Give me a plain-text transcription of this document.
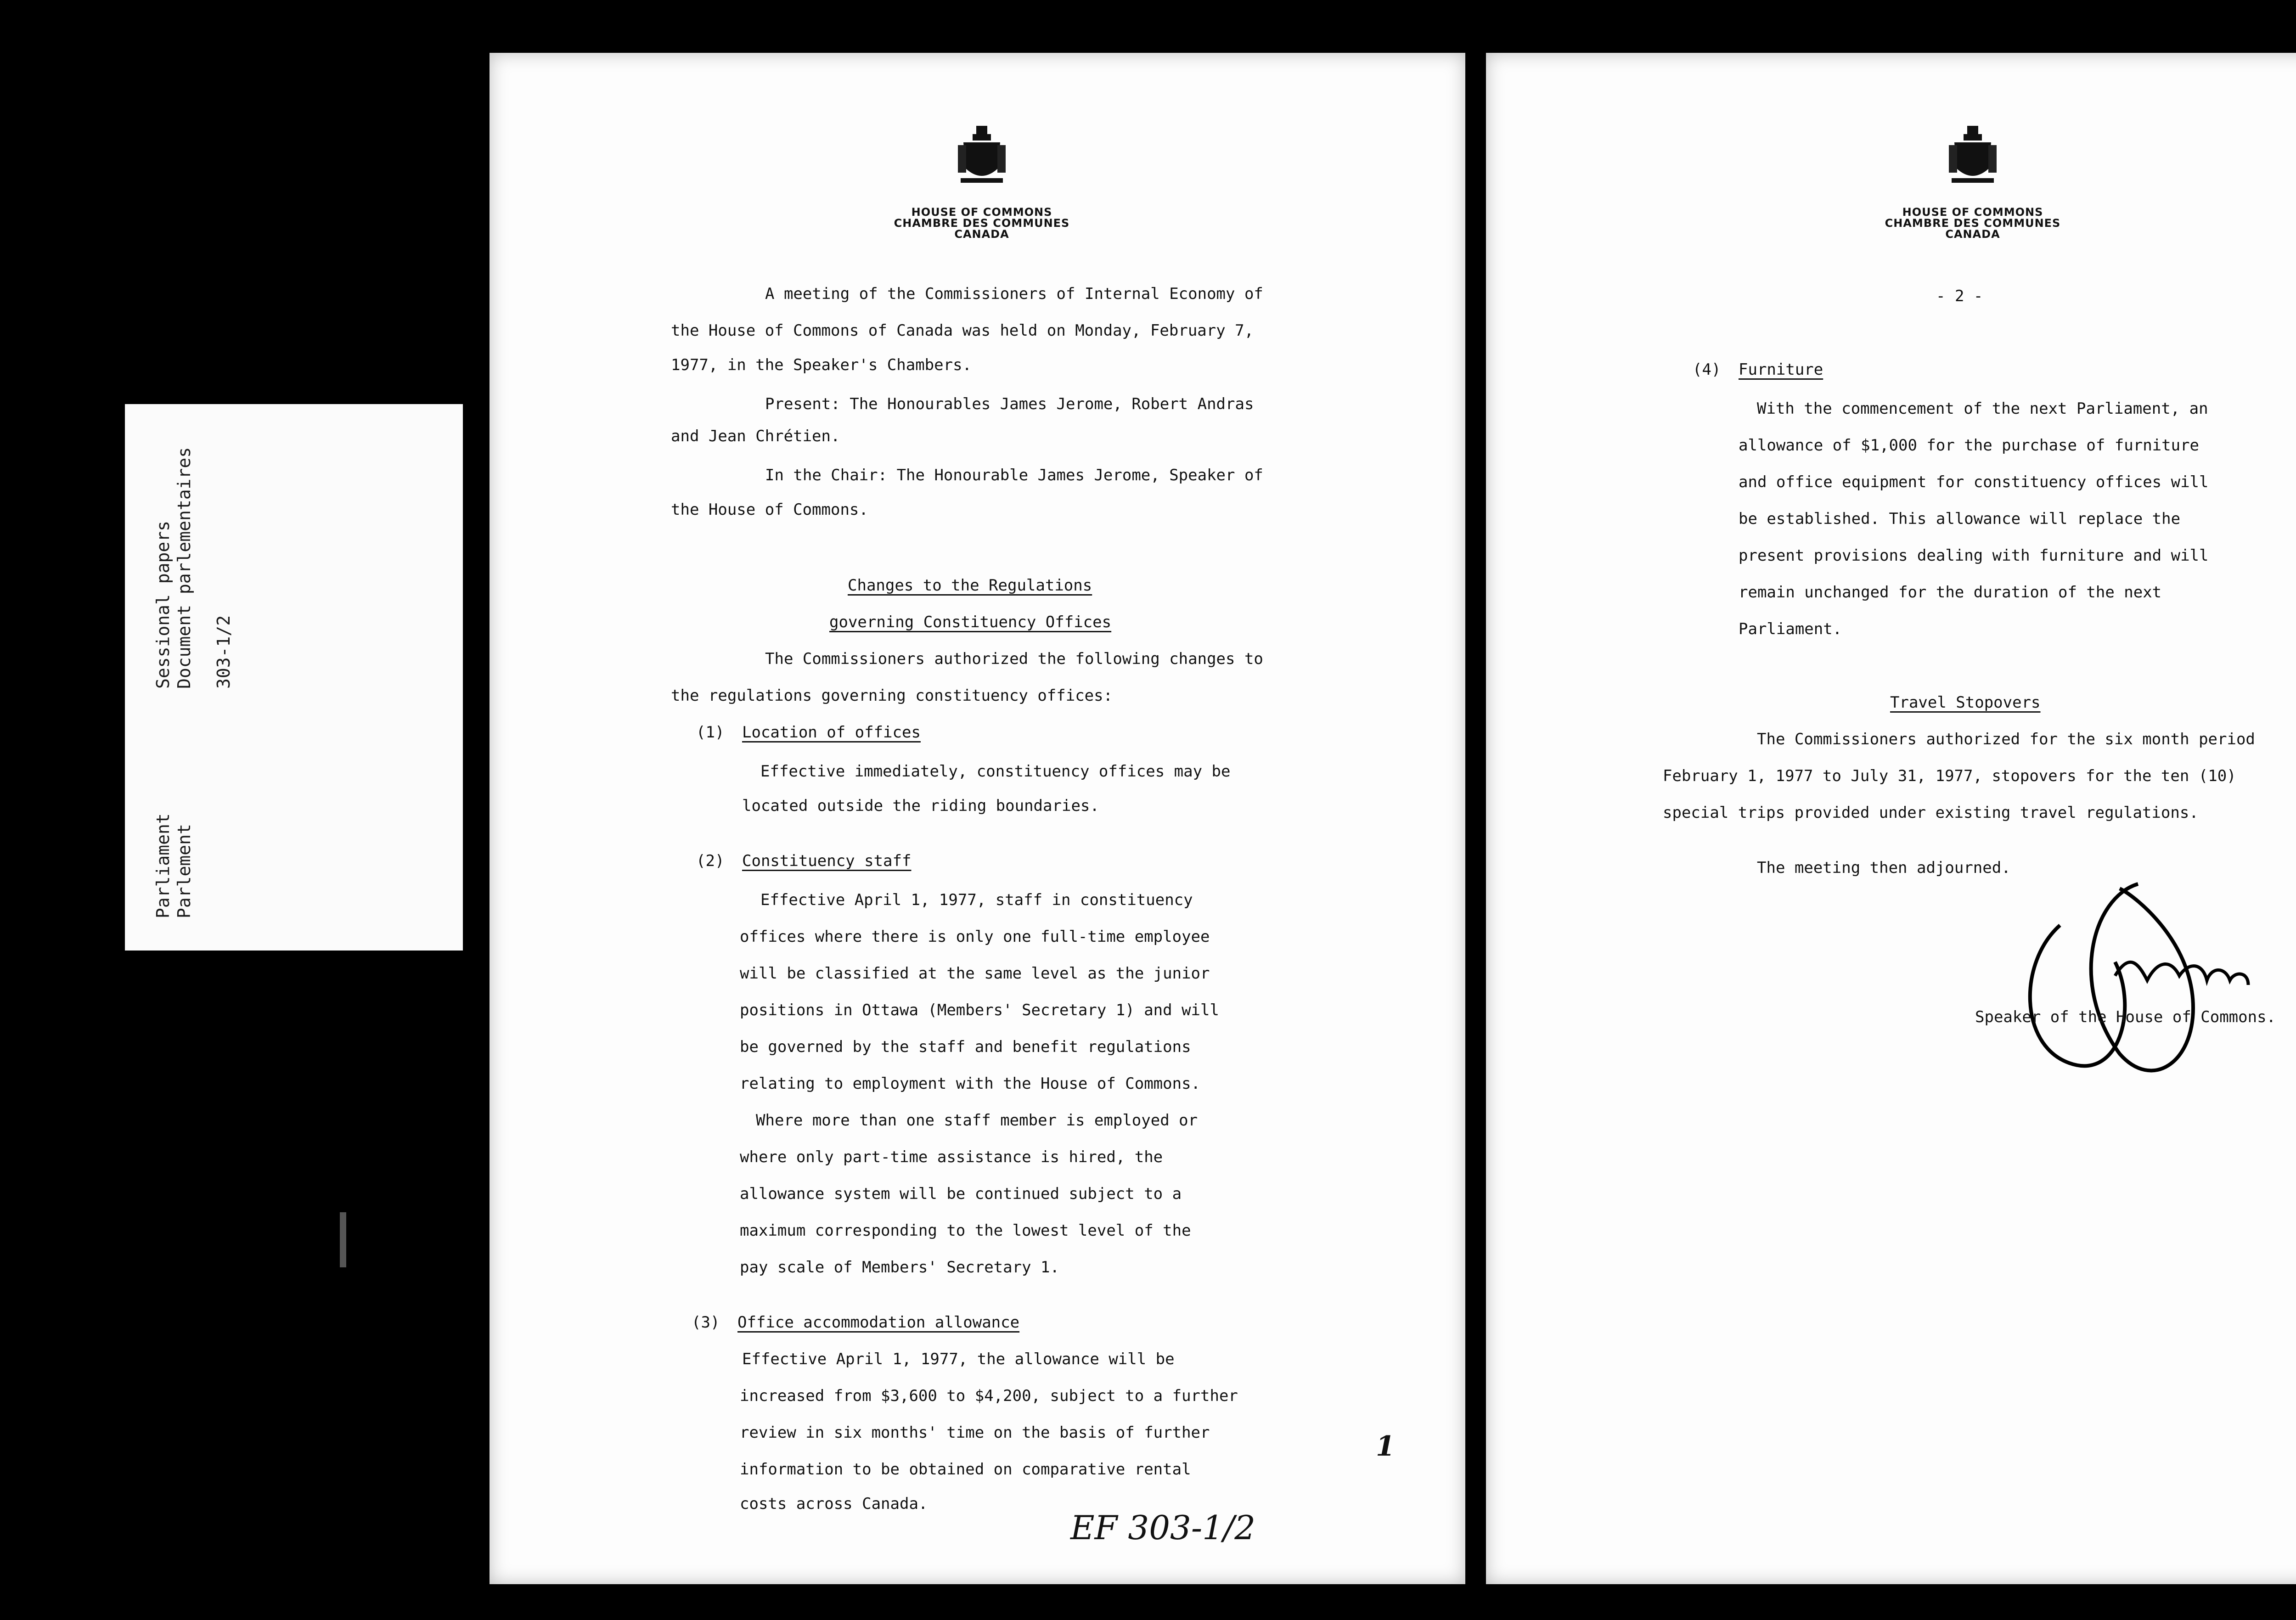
Parliament Parlement
Sessional papers Document parlementaires 303-1/2
HOUSE OF COMMONS
CHAMBRE DES COMMUNES
CANADA
A meeting of the Commissioners of Internal Economy of
the House of Commons of Canada was held on Monday, February 7,
1977, in the Speaker's Chambers.
Present: The Honourables James Jerome, Robert Andras
and Jean Chrétien.
In the Chair: The Honourable James Jerome, Speaker of
the House of Commons.
Changes to the Regulations
governing Constituency Offices
The Commissioners authorized the following changes to
the regulations governing constituency offices:
(1) Location of offices
Effective immediately, constituency offices may be
located outside the riding boundaries.
(2) Constituency staff
Effective April 1, 1977, staff in constituency
offices where there is only one full-time employee
will be classified at the same level as the junior
positions in Ottawa (Members' Secretary 1) and will
be governed by the staff and benefit regulations
relating to employment with the House of Commons.
Where more than one staff member is employed or
where only part-time assistance is hired, the
allowance system will be continued subject to a
maximum corresponding to the lowest level of the
pay scale of Members' Secretary 1.
(3) Office accommodation allowance
Effective April 1, 1977, the allowance will be
increased from $3,600 to $4,200, subject to a further
review in six months' time on the basis of further
information to be obtained on comparative rental
costs across Canada.
1
EF 303-1/2
HOUSE OF COMMONS
CHAMBRE DES COMMUNES
CANADA
- 2 -
(4) Furniture
With the commencement of the next Parliament, an
allowance of $1,000 for the purchase of furniture
and office equipment for constituency offices will
be established. This allowance will replace the
present provisions dealing with furniture and will
remain unchanged for the duration of the next
Parliament.
Travel Stopovers
The Commissioners authorized for the six month period
February 1, 1977 to July 31, 1977, stopovers for the ten (10)
special trips provided under existing travel regulations.
The meeting then adjourned.
Speaker of the House of Commons.
